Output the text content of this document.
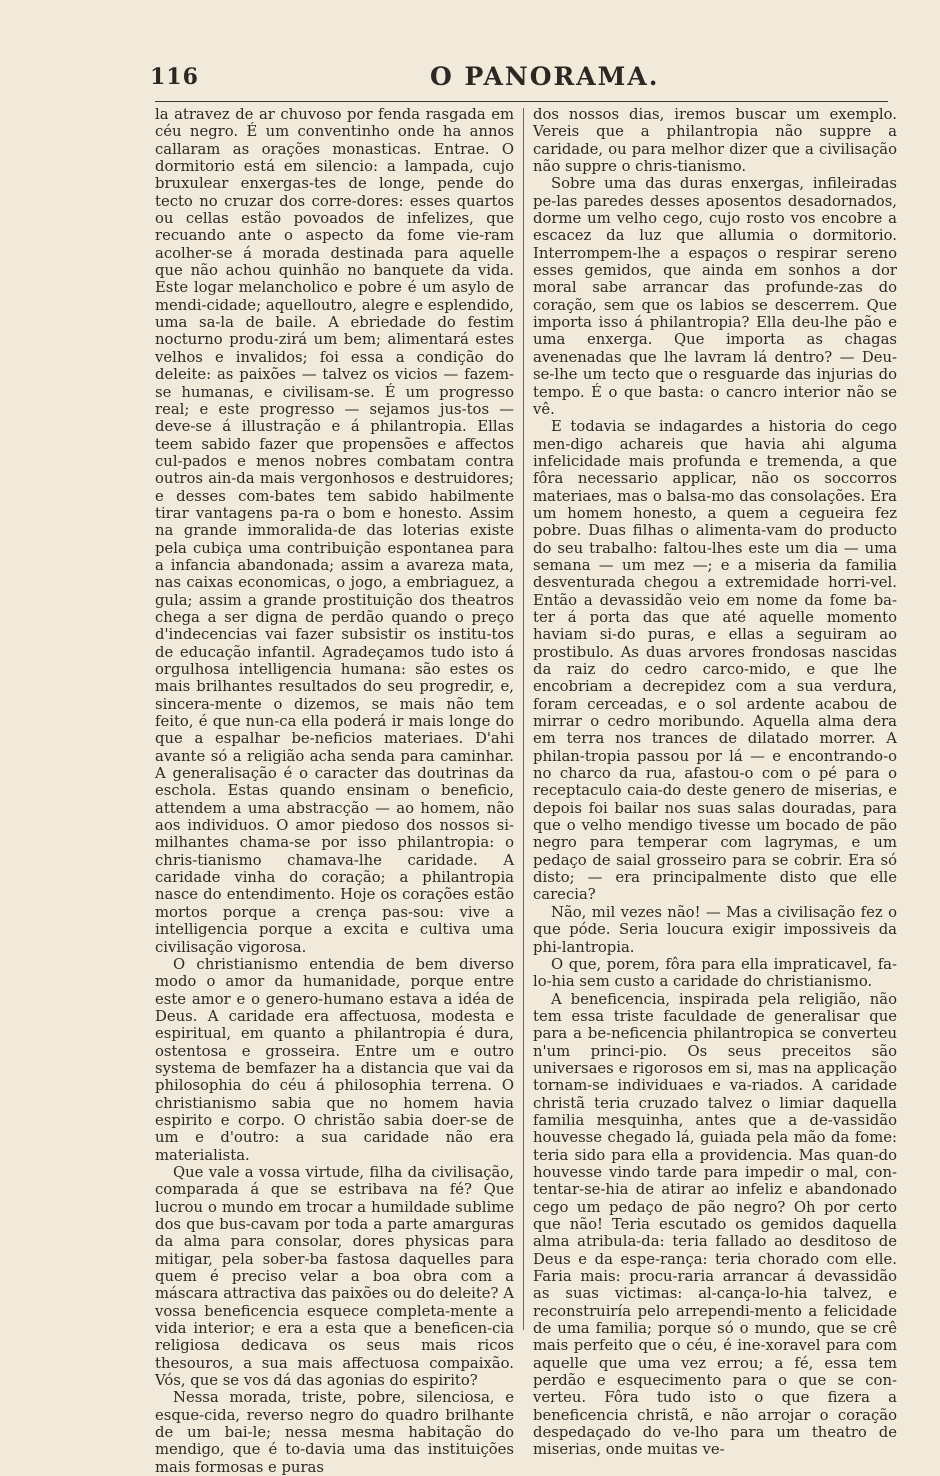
116	O PANORAMA.

la atravez de ar chuvoso por fenda rasgada em céu negro. É um conventinho onde ha annos callaram as orações monasticas. Entrae. O dormitorio está em silencio: a lampada, cujo bruxulear enxergas-tes de longe, pende do tecto no cruzar dos corre-dores: esses quartos ou cellas estão povoados de infelizes, que recuando ante o aspecto da fome vie-ram acolher-se á morada destinada para aquelle que não achou quinhão no banquete da vida. Este logar melancholico e pobre é um asylo de mendi-cidade; aquelloutro, alegre e esplendido, uma sa-la de baile. A ebriedade do festim nocturno produ-zirá um bem; alimentará estes velhos e invalidos; foi essa a condição do deleite: as paixões — talvez os vicios — fazem-se humanas, e civilisam-se. É um progresso real; e este progresso — sejamos jus-tos — deve-se á illustração e á philantropia. Ellas teem sabido fazer que propensões e affectos cul-pados e menos nobres combatam contra outros ain-da mais vergonhosos e destruidores; e desses com-bates tem sabido habilmente tirar vantagens pa-ra o bom e honesto. Assim na grande immoralida-de das loterias existe pela cubiça uma contribuição espontanea para a infancia abandonada; assim a avareza mata, nas caixas economicas, o jogo, a embriaguez, a gula; assim a grande prostituição dos theatros chega a ser digna de perdão quando o preço d'indecencias vai fazer subsistir os institu-tos de educação infantil. Agradeçamos tudo isto á orgulhosa intelligencia humana: são estes os mais brilhantes resultados do seu progredir, e, sincera-mente o dizemos, se mais não tem feito, é que nun-ca ella poderá ir mais longe do que a espalhar be-neficios materiaes. D'ahi avante só a religião acha senda para caminhar. A generalisação é o caracter das doutrinas da eschola. Estas quando ensinam o beneficio, attendem a uma abstracção — ao homem, não aos individuos. O amor piedoso dos nossos si-milhantes chama-se por isso philantropia: o chris-tianismo chamava-lhe caridade. A caridade vinha do coração; a philantropia nasce do entendimento. Hoje os corações estão mortos porque a crença pas-sou: vive a intelligencia porque a excita e cultiva uma civilisação vigorosa.

O christianismo entendia de bem diverso modo o amor da humanidade, porque entre este amor e o genero-humano estava a idéa de Deus. A caridade era affectuosa, modesta e espiritual, em quanto a philantropia é dura, ostentosa e grosseira. Entre um e outro systema de bemfazer ha a distancia que vai da philosophia do céu á philosophia terrena. O christianismo sabia que no homem havia espirito e corpo. O christão sabia doer-se de um e d'outro: a sua caridade não era materialista.

Que vale a vossa virtude, filha da civilisação, comparada á que se estribava na fé? Que lucrou o mundo em trocar a humildade sublime dos que bus-cavam por toda a parte amarguras da alma para consolar, dores physicas para mitigar, pela sober-ba fastosa daquelles para quem é preciso velar a boa obra com a máscara attractiva das paixões ou do deleite? A vossa beneficencia esquece completa-mente a vida interior; e era a esta que a beneficen-cia religiosa dedicava os seus mais ricos thesouros, a sua mais affectuosa compaixão. Vós, que se vos dá das agonias do espirito?

Nessa morada, triste, pobre, silenciosa, e esque-cida, reverso negro do quadro brilhante de um bai-le; nessa mesma habitação do mendigo, que é to-davia uma das instituições mais formosas e puras

dos nossos dias, iremos buscar um exemplo. Vereis que a philantropia não suppre a caridade, ou para melhor dizer que a civilisação não suppre o chris-tianismo.

Sobre uma das duras enxergas, infileiradas pe-las paredes desses aposentos desadornados, dorme um velho cego, cujo rosto vos encobre a escacez da luz que allumia o dormitorio. Interrompem-lhe a espaços o respirar sereno esses gemidos, que ainda em sonhos a dor moral sabe arrancar das profunde-zas do coração, sem que os labios se descerrem. Que importa isso á philantropia? Ella deu-lhe pão e uma enxerga. Que importa as chagas avenenadas que lhe lavram lá dentro? — Deu-se-lhe um tecto que o resguarde das injurias do tempo. É o que basta: o cancro interior não se vê.

E todavia se indagardes a historia do cego men-digo achareis que havia ahi alguma infelicidade mais profunda e tremenda, a que fôra necessario applicar, não os soccorros materiaes, mas o balsa-mo das consolações. Era um homem honesto, a quem a cegueira fez pobre. Duas filhas o alimenta-vam do producto do seu trabalho: faltou-lhes este um dia — uma semana — um mez —; e a miseria da familia desventurada chegou a extremidade horri-vel. Então a devassidão veio em nome da fome ba-ter á porta das que até aquelle momento haviam si-do puras, e ellas a seguiram ao prostibulo. As duas arvores frondosas nascidas da raiz do cedro carco-mido, e que lhe encobriam a decrepidez com a sua verdura, foram cerceadas, e o sol ardente acabou de mirrar o cedro moribundo. Aquella alma dera em terra nos trances de dilatado morrer. A philan-tropia passou por lá — e encontrando-o no charco da rua, afastou-o com o pé para o receptaculo caia-do deste genero de miserias, e depois foi bailar nos suas salas douradas, para que o velho mendigo tivesse um bocado de pão negro para temperar com lagrymas, e um pedaço de saial grosseiro para se cobrir. Era só disto; — era principalmente disto que elle carecia?

Não, mil vezes não! — Mas a civilisação fez o que póde. Seria loucura exigir impossiveis da phi-lantropia.

O que, porem, fôra para ella impraticavel, fa-lo-hia sem custo a caridade do christianismo.

A beneficencia, inspirada pela religião, não tem essa triste faculdade de generalisar que para a be-neficencia philantropica se converteu n'um princi-pio. Os seus preceitos são universaes e rigorosos em si, mas na applicação tornam-se individuaes e va-riados. A caridade christã teria cruzado talvez o limiar daquella familia mesquinha, antes que a de-vassidão houvesse chegado lá, guiada pela mão da fome: teria sido para ella a providencia. Mas quan-do houvesse vindo tarde para impedir o mal, con-tentar-se-hia de atirar ao infeliz e abandonado cego um pedaço de pão negro? Oh por certo que não! Teria escutado os gemidos daquella alma atribula-da: teria fallado ao desditoso de Deus e da espe-rança: teria chorado com elle. Faria mais: procu-raria arrancar á devassidão as suas victimas: al-cança-lo-hia talvez, e reconstruiría pelo arrependi-mento a felicidade de uma familia; porque só o mundo, que se crê mais perfeito que o céu, é ine-xoravel para com aquelle que uma vez errou; a fé, essa tem perdão e esquecimento para o que se con-verteu. Fôra tudo isto o que fizera a beneficencia christã, e não arrojar o coração despedaçado do ve-lho para um theatro de miserias, onde muitas ve-
